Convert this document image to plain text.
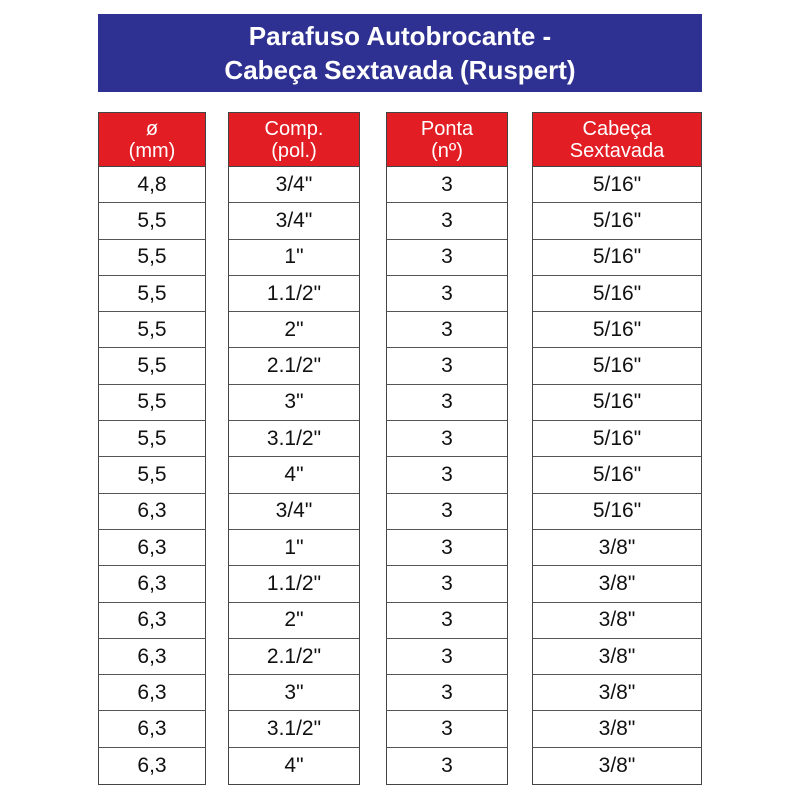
Parafuso Autobrocante -
Cabeça Sextavada (Ruspert)
ø
(mm)
4,8
5,5
5,5
5,5
5,5
5,5
5,5
5,5
5,5
6,3
6,3
6,3
6,3
6,3
6,3
6,3
6,3
Comp.
(pol.)
3/4"
3/4"
1"
1.1/2"
2"
2.1/2"
3"
3.1/2"
4"
3/4"
1"
1.1/2"
2"
2.1/2"
3"
3.1/2"
4"
Ponta
(nº)
3
3
3
3
3
3
3
3
3
3
3
3
3
3
3
3
3
Cabeça
Sextavada
5/16"
5/16"
5/16"
5/16"
5/16"
5/16"
5/16"
5/16"
5/16"
5/16"
3/8"
3/8"
3/8"
3/8"
3/8"
3/8"
3/8"
